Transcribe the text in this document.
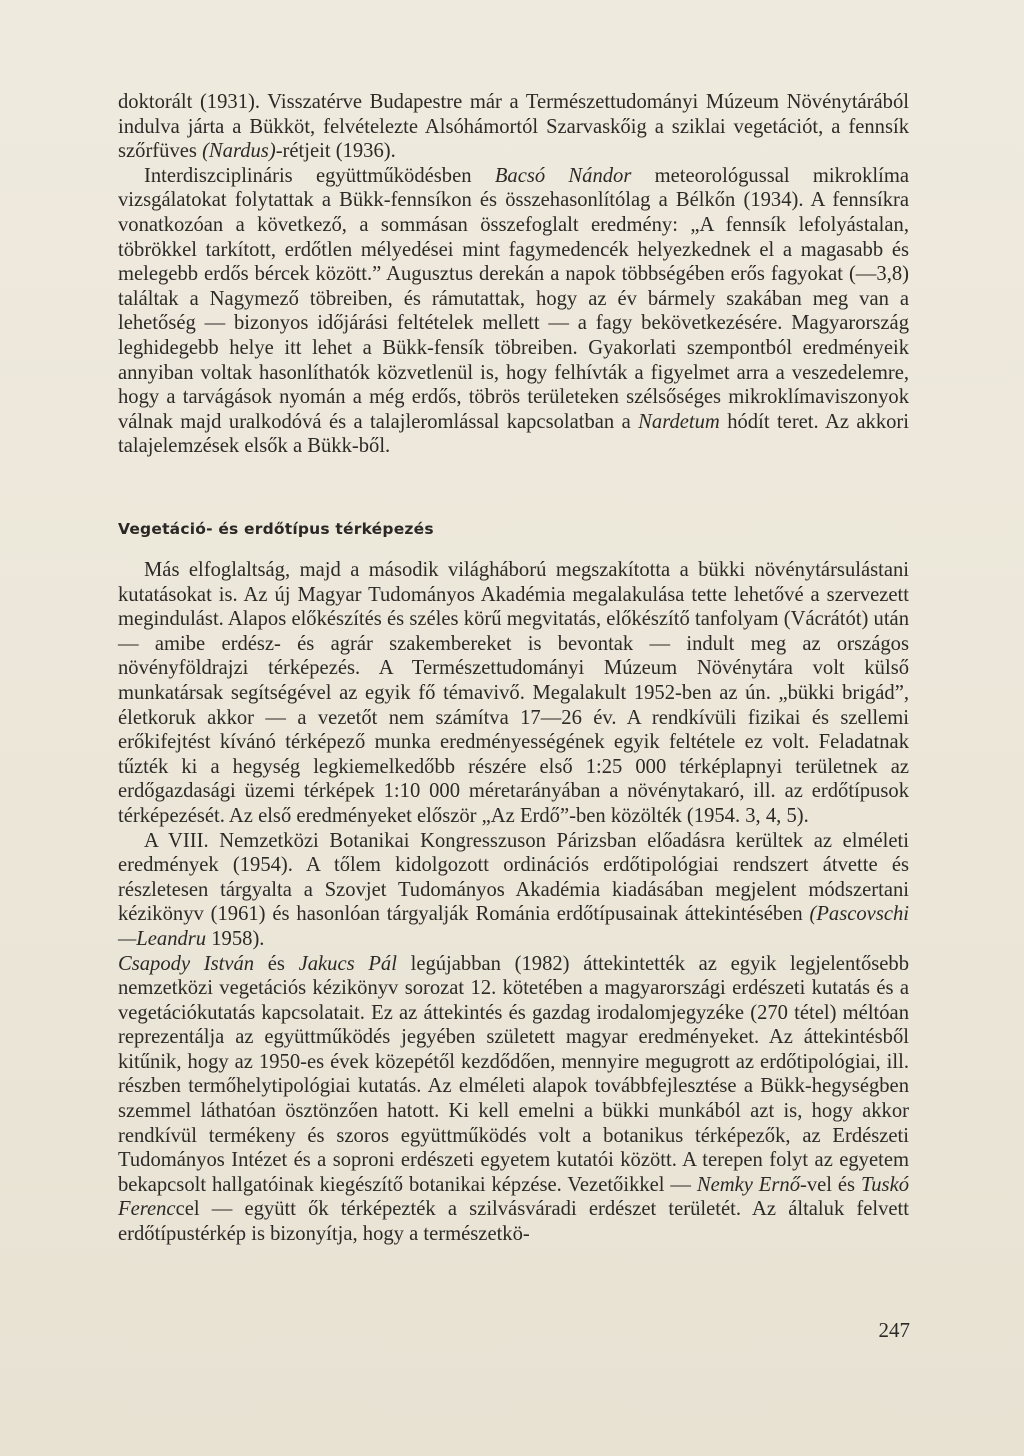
doktorált (1931). Visszatérve Budapestre már a Természettudományi Múzeum Növénytárából indulva járta a Bükköt, felvételezte Alsóhámortól Szarvaskőig a sziklai vegetációt, a fennsík szőrfüves (Nardus)-rétjeit (1936).

Interdiszciplináris együttműködésben Bacsó Nándor meteorológussal mikroklíma vizsgálatokat folytattak a Bükk-fennsíkon és összehasonlítólag a Bélkőn (1934). A fennsíkra vonatkozóan a következő, a sommásan összefoglalt eredmény: „A fennsík lefolyástalan, töbrökkel tarkított, erdőtlen mélyedései mint fagymedencék helyezkednek el a magasabb és melegebb erdős bércek között.” Augusztus derekán a napok többségében erős fagyokat (—3,8) találtak a Nagymező töbreiben, és rámutattak, hogy az év bármely szakában meg van a lehetőség — bizonyos időjárási feltételek mellett — a fagy bekövetkezésére. Magyarország leghidegebb helye itt lehet a Bükk-fensík töbreiben. Gyakorlati szempontból eredményeik annyiban voltak hasonlíthatók közvetlenül is, hogy felhívták a figyelmet arra a veszedelemre, hogy a tarvágások nyomán a még erdős, töbrös területeken szélsőséges mikroklímaviszonyok válnak majd uralkodóvá és a talajleromlással kapcsolatban a Nardetum hódít teret. Az akkori talajelemzések elsők a Bükk-ből.

Vegetáció- és erdőtípus térképezés

Más elfoglaltság, majd a második világháború megszakította a bükki növénytársulástani kutatásokat is. Az új Magyar Tudományos Akadémia megalakulása tette lehetővé a szervezett megindulást. Alapos előkészítés és széles körű megvitatás, előkészítő tanfolyam (Vácrátót) után — amibe erdész- és agrár szakembereket is bevontak — indult meg az országos növényföldrajzi térképezés. A Természettudományi Múzeum Növénytára volt külső munkatársak segítségével az egyik fő témavivő. Megalakult 1952-ben az ún. „bükki brigád”, életkoruk akkor — a vezetőt nem számítva 17—26 év. A rendkívüli fizikai és szellemi erőkifejtést kívánó térképező munka eredményességének egyik feltétele ez volt. Feladatnak tűzték ki a hegység legkiemelkedőbb részére első 1:25 000 térképlapnyi területnek az erdőgazdasági üzemi térképek 1:10 000 méretarányában a növénytakaró, ill. az erdőtípusok térképezését. Az első eredményeket először „Az Erdő”-ben közölték (1954. 3, 4, 5).

A VIII. Nemzetközi Botanikai Kongresszuson Párizsban előadásra kerültek az elméleti eredmények (1954). A tőlem kidolgozott ordinációs erdőtipológiai rendszert átvette és részletesen tárgyalta a Szovjet Tudományos Akadémia kiadásában megjelent módszertani kézikönyv (1961) és hasonlóan tárgyalják Románia erdőtípusainak áttekintésében (Pascovschi—Leandru 1958).

Csapody István és Jakucs Pál legújabban (1982) áttekintették az egyik legjelentősebb nemzetközi vegetációs kézikönyv sorozat 12. kötetében a magyarországi erdészeti kutatás és a vegetációkutatás kapcsolatait. Ez az áttekintés és gazdag irodalomjegyzéke (270 tétel) méltóan reprezentálja az együttműködés jegyében született magyar eredményeket. Az áttekintésből kitűnik, hogy az 1950-es évek közepétől kezdődően, mennyire megugrott az erdőtipológiai, ill. részben termőhelytipológiai kutatás. Az elméleti alapok továbbfejlesztése a Bükk-hegységben szemmel láthatóan ösztönzően hatott. Ki kell emelni a bükki munkából azt is, hogy akkor rendkívül termékeny és szoros együttműködés volt a botanikus térképezők, az Erdészeti Tudományos Intézet és a soproni erdészeti egyetem kutatói között. A terepen folyt az egyetem bekapcsolt hallgatóinak kiegészítő botanikai képzése. Vezetőikkel — Nemky Ernő-vel és Tuskó Ferenccel — együtt ők térképezték a szilvásváradi erdészet területét. Az általuk felvett erdőtípustérkép is bizonyítja, hogy a természetkö-

247
